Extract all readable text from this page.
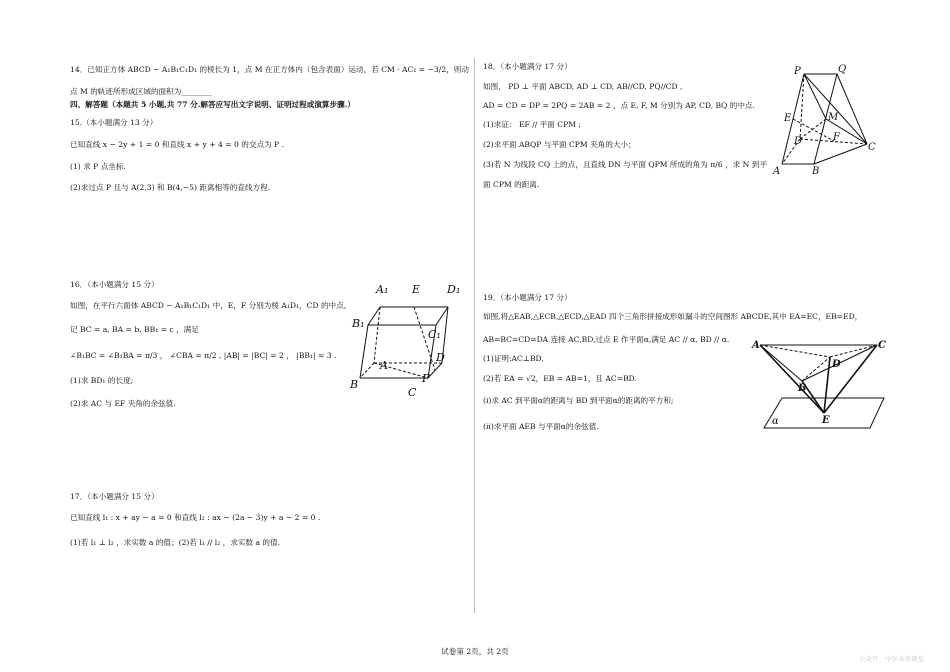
14．已知正方体 ABCD − A₁B₁C₁D₁ 的棱长为 1，点 M 在正方体内（包含表面）运动，若 CM · AC₁ = −3/2，则动
点 M 的轨迹所形成区域的面积为________
四、解答题（本题共 5 小题,共 77 分.解答应写出文字说明、证明过程或演算步骤.）
15.（本小题满分 13 分）
已知直线 x − 2y + 1 = 0 和直线 x + y + 4 = 0 的交点为 P .
(1) 求 P 点坐标.
(2)求过点 P 且与 A(2,3) 和 B(4,−5) 距离相等的直线方程.
16．（本小题满分 15 分）
如图，在平行六面体 ABCD − A₁B₁C₁D₁ 中，E，F 分别为棱 A₁D₁，CD 的中点,
记 BC = a, BA = b, BB₁ = c ，满足
∠B₁BC = ∠B₁BA = π/3 ， ∠CBA = π/2 , |AB| = |BC| = 2 ， |BB₁| = 3 .
(1)求 BD₁ 的长度;
(2)求 AC 与 EF 夹角的余弦值.
17．（本小题满分 15 分）
已知直线 l₁ : x + ay − a = 0 和直线 l₂ : ax − (2a − 3)y + a − 2 = 0 .
(1)若 l₁ ⊥ l₂ ，求实数 a 的值；(2)若 l₁ // l₂ ，求实数 a 的值.
A₁ E D₁
B₁
C₁
D
A
B	F
C
18．（本小题满分 17 分）
如图， PD ⊥ 平面 ABCD, AD ⊥ CD, AB//CD, PQ//CD ,
AD = CD = DP = 2PQ = 2AB = 2 ，点 E, F, M 分别为 AP, CD, BQ 的中点.
(1)求证： EF // 平面 CPM ;
(2)求平面 ABQP 与平面 CPM 夹角的大小；
(3)若 N 为线段 CQ 上的点，且直线 DN 与平面 QPM 所成的角为 π/6 ，求 N 到平
面 CPM 的距离.
19．（本小题满分 17 分）
如图,将△EAB,△ECB,△ECD,△EAD 四个三角形拼接成形如漏斗的空间图形 ABCDE,其中 EA=EC，EB=ED，
AB=BC=CD=DA 连接 AC,BD,过点 E 作平面α,满足 AC // α, BD // α.
(1)证明:AC⊥BD.
(2)若 EA = √2，EB = AB=1，且 AC=BD.
(i)求 AC 到平面α的距离与 BD 到平面α的距离的平方和;
(ii)求平面 AEB 与平面α的余弦值.
P	Q
E	M
D	F
C
A	B
A	C
D
B
E
α
试卷第 2页，共 2页
公众号：中学英语课堂
